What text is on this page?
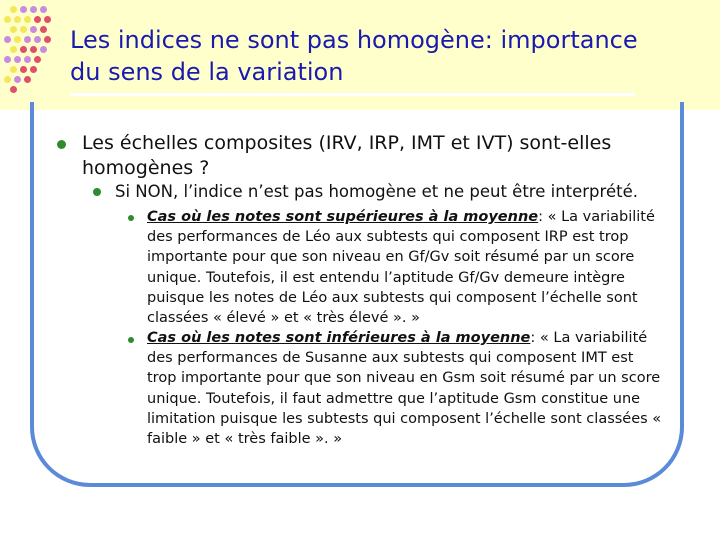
Les indices ne sont pas homogène: importance
du sens de la variation

Les échelles composites (IRV, IRP, IMT et IVT) sont-elles homogènes ?

Si NON, l’indice n’est pas homogène et ne peut être interprété.

Cas où les notes sont supérieures à la moyenne: « La variabilité des performances de Léo aux subtests qui composent IRP est trop importante pour que son niveau en Gf/Gv soit résumé par un score unique. Toutefois, il est entendu l’aptitude Gf/Gv demeure intègre puisque les notes de Léo aux subtests qui composent l’échelle sont classées « élevé » et « très élevé ». »

Cas où les notes sont inférieures à la moyenne: « La variabilité des performances de Susanne aux subtests qui composent IMT est trop importante pour que son niveau en Gsm soit résumé par un score unique. Toutefois, il faut admettre que l’aptitude Gsm constitue une limitation puisque les subtests qui composent l’échelle sont classées « faible » et « très faible ». »
